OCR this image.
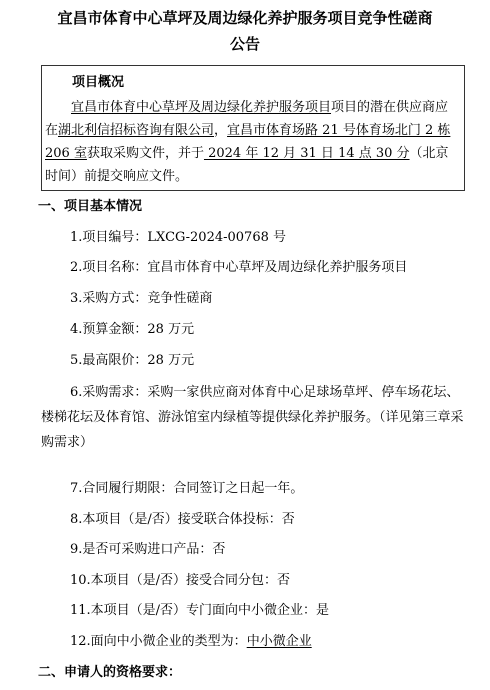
宜昌市体育中心草坪及周边绿化养护服务项目竞争性磋商
公告
项目概况
宜昌市体育中心草坪及周边绿化养护服务项目项目的潜在供应商应在湖北利信招标咨询有限公司，宜昌市体育场路 21 号体育场北门 2 栋 206 室获取采购文件，并于 2024 年 12 月 31 日 14 点 30 分（北京时间）前提交响应文件。
一、项目基本情况
1.项目编号：LXCG-2024-00768 号
2.项目名称：宜昌市体育中心草坪及周边绿化养护服务项目
3.采购方式：竞争性磋商
4.预算金额：28 万元
5.最高限价：28 万元
6.采购需求：采购一家供应商对体育中心足球场草坪、停车场花坛、楼梯花坛及体育馆、游泳馆室内绿植等提供绿化养护服务。（详见第三章采购需求）
7.合同履行期限：合同签订之日起一年。
8.本项目（是/否）接受联合体投标：否
9.是否可采购进口产品：否
10.本项目（是/否）接受合同分包：否
11.本项目（是/否）专门面向中小微企业：是
12.面向中小微企业的类型为：中小微企业
二、申请人的资格要求：
